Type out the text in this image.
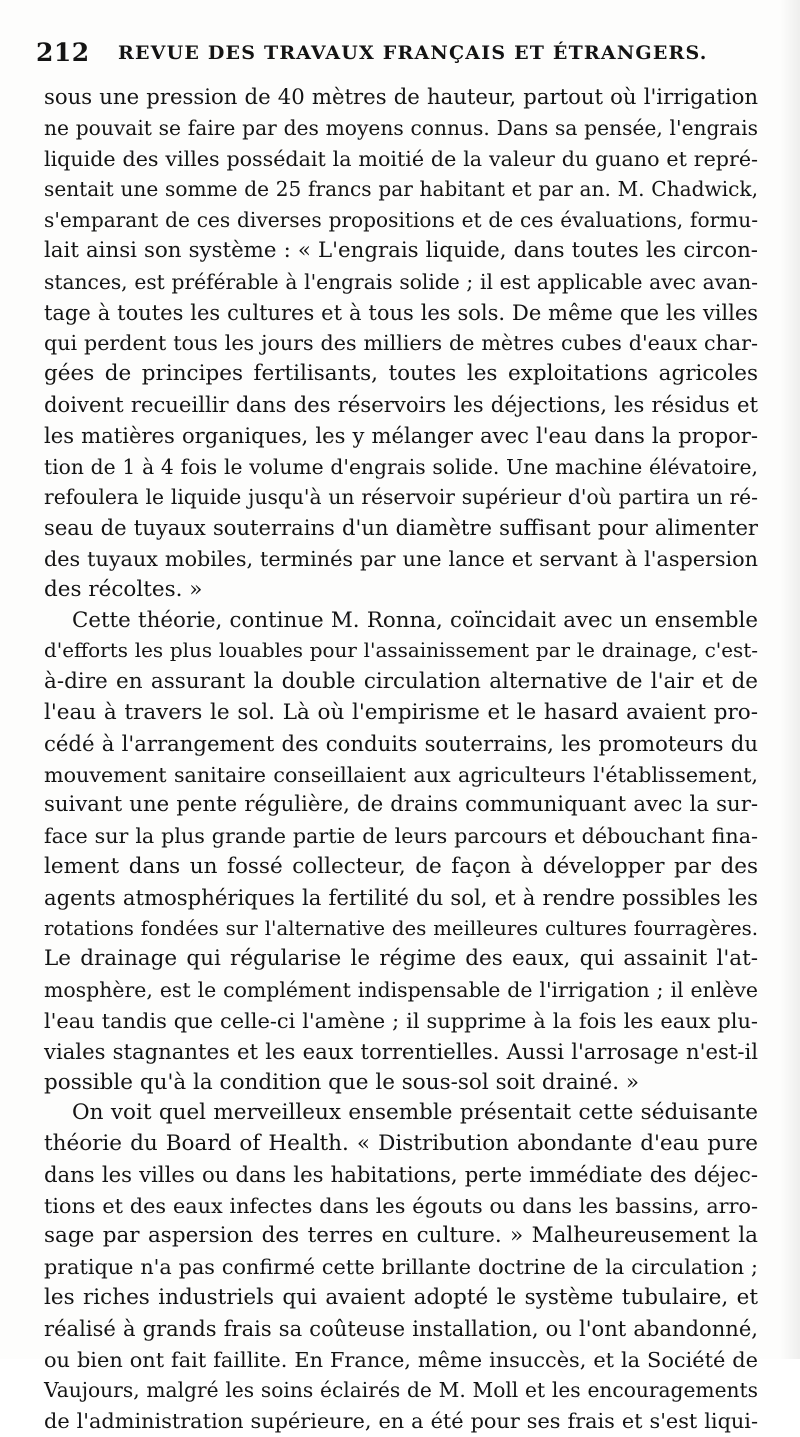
212 REVUE DES TRAVAUX FRANÇAIS ET ÉTRANGERS.
sous une pression de 40 mètres de hauteur, partout où l'irrigation
ne pouvait se faire par des moyens connus. Dans sa pensée, l'engrais
liquide des villes possédait la moitié de la valeur du guano et repré-
sentait une somme de 25 francs par habitant et par an. M. Chadwick,
s'emparant de ces diverses propositions et de ces évaluations, formu-
lait ainsi son système : « L'engrais liquide, dans toutes les circon-
stances, est préférable à l'engrais solide ; il est applicable avec avan-
tage à toutes les cultures et à tous les sols. De même que les villes
qui perdent tous les jours des milliers de mètres cubes d'eaux char-
gées de principes fertilisants, toutes les exploitations agricoles
doivent recueillir dans des réservoirs les déjections, les résidus et
les matières organiques, les y mélanger avec l'eau dans la propor-
tion de 1 à 4 fois le volume d'engrais solide. Une machine élévatoire,
refoulera le liquide jusqu'à un réservoir supérieur d'où partira un ré-
seau de tuyaux souterrains d'un diamètre suffisant pour alimenter
des tuyaux mobiles, terminés par une lance et servant à l'aspersion
des récoltes. »
Cette théorie, continue M. Ronna, coïncidait avec un ensemble
d'efforts les plus louables pour l'assainissement par le drainage, c'est-
à-dire en assurant la double circulation alternative de l'air et de
l'eau à travers le sol. Là où l'empirisme et le hasard avaient pro-
cédé à l'arrangement des conduits souterrains, les promoteurs du
mouvement sanitaire conseillaient aux agriculteurs l'établissement,
suivant une pente régulière, de drains communiquant avec la sur-
face sur la plus grande partie de leurs parcours et débouchant fina-
lement dans un fossé collecteur, de façon à développer par des
agents atmosphériques la fertilité du sol, et à rendre possibles les
rotations fondées sur l'alternative des meilleures cultures fourragères.
Le drainage qui régularise le régime des eaux, qui assainit l'at-
mosphère, est le complément indispensable de l'irrigation ; il enlève
l'eau tandis que celle-ci l'amène ; il supprime à la fois les eaux plu-
viales stagnantes et les eaux torrentielles. Aussi l'arrosage n'est-il
possible qu'à la condition que le sous-sol soit drainé. »
On voit quel merveilleux ensemble présentait cette séduisante
théorie du Board of Health. « Distribution abondante d'eau pure
dans les villes ou dans les habitations, perte immédiate des déjec-
tions et des eaux infectes dans les égouts ou dans les bassins, arro-
sage par aspersion des terres en culture. » Malheureusement la
pratique n'a pas confirmé cette brillante doctrine de la circulation ;
les riches industriels qui avaient adopté le système tubulaire, et
réalisé à grands frais sa coûteuse installation, ou l'ont abandonné,
ou bien ont fait faillite. En France, même insuccès, et la Société de
Vaujours, malgré les soins éclairés de M. Moll et les encouragements
de l'administration supérieure, en a été pour ses frais et s'est liqui-
